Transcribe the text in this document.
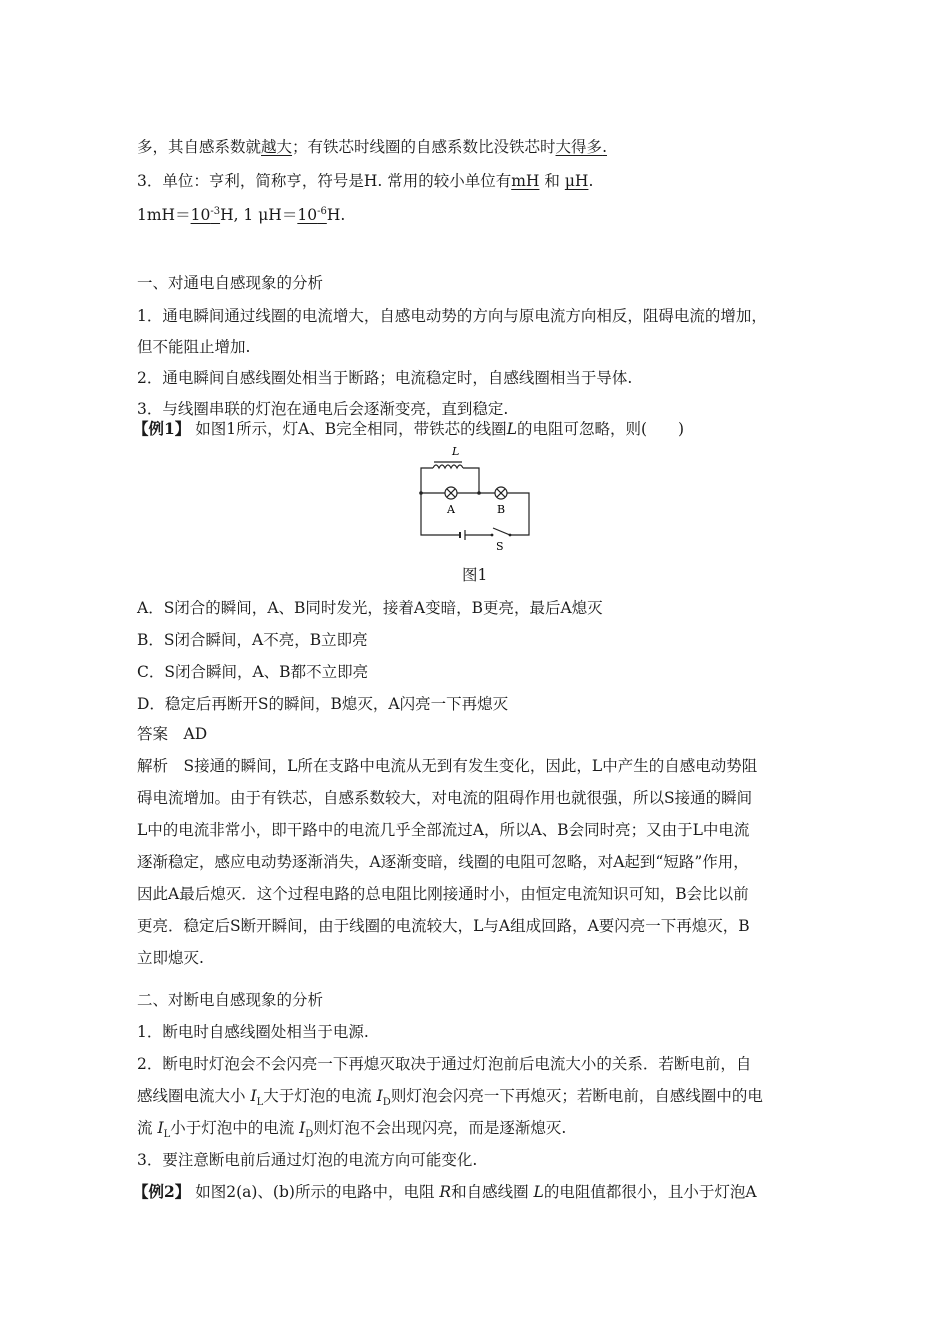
多，其自感系数就越大；有铁芯时线圈的自感系数比没铁芯时大得多.
3．单位：亨利，简称亨，符号是H. 常用的较小单位有mH 和 μH.
$1mH=10^{-3}H$, 1 $\mu H=10^{-6}H$.
一、对通电自感现象的分析
1．通电瞬间通过线圈的电流增大，自感电动势的方向与原电流方向相反，阻碍电流的增加，
但不能阻止增加.
2．通电瞬间自感线圈处相当于断路；电流稳定时，自感线圈相当于导体.
3．与线圈串联的灯泡在通电后会逐渐变亮，直到稳定.
【例1】 如图1所示，灯A、B完全相同，带铁芯的线圈L的电阻可忽略，则(　　)
L
A	B
S
图1
A．S闭合的瞬间，A、B同时发光，接着A变暗，B更亮，最后A熄灭
B．S闭合瞬间，A不亮，B立即亮
C．S闭合瞬间，A、B都不立即亮
D．稳定后再断开S的瞬间，B熄灭，A闪亮一下再熄灭
答案　AD
解析　S接通的瞬间，L所在支路中电流从无到有发生变化，因此，L中产生的自感电动势阻
碍电流增加。由于有铁芯，自感系数较大，对电流的阻碍作用也就很强，所以S接通的瞬间
L中的电流非常小，即干路中的电流几乎全部流过A，所以A、B会同时亮；又由于L中电流
逐渐稳定，感应电动势逐渐消失，A逐渐变暗，线圈的电阻可忽略，对A起到“短路”作用，
因此A最后熄灭．这个过程电路的总电阻比刚接通时小，由恒定电流知识可知，B会比以前
更亮．稳定后S断开瞬间，由于线圈的电流较大，L与A组成回路，A要闪亮一下再熄灭，B
立即熄灭.
二、对断电自感现象的分析
1．断电时自感线圈处相当于电源.
2．断电时灯泡会不会闪亮一下再熄灭取决于通过灯泡前后电流大小的关系．若断电前，自
感线圈电流大小 $I_L$大于灯泡的电流 $I_D$则灯泡会闪亮一下再熄灭；若断电前，自感线圈中的电
流 $I_L$小于灯泡中的电流 $I_D$则灯泡不会出现闪亮，而是逐渐熄灭.
3．要注意断电前后通过灯泡的电流方向可能变化.
【例2】 如图2(a)、(b)所示的电路中，电阻 R和自感线圈 L的电阻值都很小，且小于灯泡A
